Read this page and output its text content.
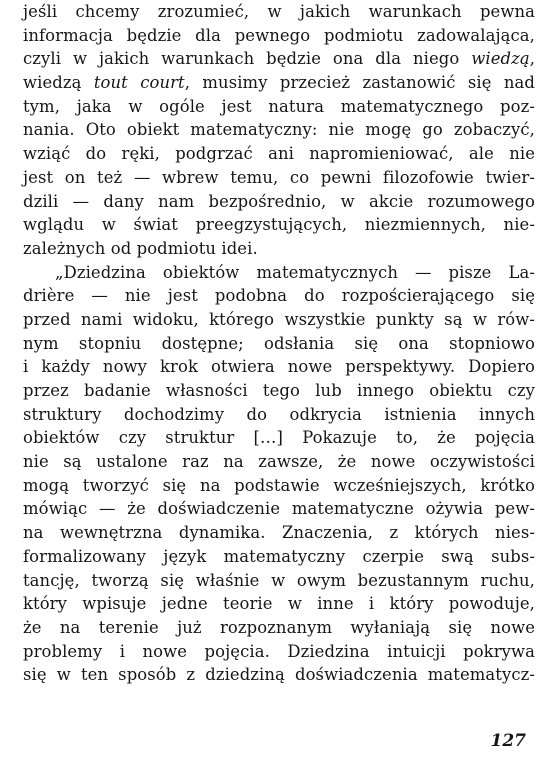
jeśli chcemy zrozumieć, w jakich warunkach pewna
informacja będzie dla pewnego podmiotu zadowalająca,
czyli w jakich warunkach będzie ona dla niego wiedzą,
wiedzą tout court, musimy przecież zastanowić się nad
tym, jaka w ogóle jest natura matematycznego poz-
nania. Oto obiekt matematyczny: nie mogę go zobaczyć,
wziąć do ręki, podgrzać ani napromieniować, ale nie
jest on też — wbrew temu, co pewni filozofowie twier-
dzili — dany nam bezpośrednio, w akcie rozumowego
wglądu w świat preegzystujących, niezmiennych, nie-
zależnych od podmiotu idei.
„Dziedzina obiektów matematycznych — pisze La-
drière — nie jest podobna do rozpościerającego się
przed nami widoku, którego wszystkie punkty są w rów-
nym stopniu dostępne; odsłania się ona stopniowo
i każdy nowy krok otwiera nowe perspektywy. Dopiero
przez badanie własności tego lub innego obiektu czy
struktury dochodzimy do odkrycia istnienia innych
obiektów czy struktur […] Pokazuje to, że pojęcia
nie są ustalone raz na zawsze, że nowe oczywistości
mogą tworzyć się na podstawie wcześniejszych, krótko
mówiąc — że doświadczenie matematyczne ożywia pew-
na wewnętrzna dynamika. Znaczenia, z których nies-
formalizowany język matematyczny czerpie swą subs-
tancję, tworzą się właśnie w owym bezustannym ruchu,
który wpisuje jedne teorie w inne i który powoduje,
że na terenie już rozpoznanym wyłaniają się nowe
problemy i nowe pojęcia. Dziedzina intuicji pokrywa
się w ten sposób z dziedziną doświadczenia matematycz-
127
